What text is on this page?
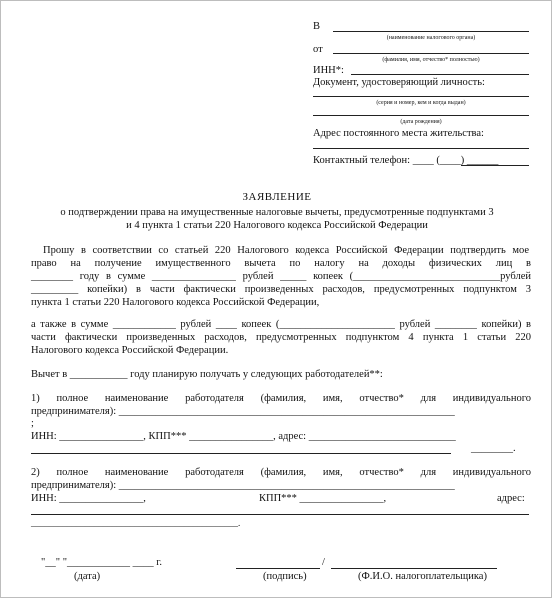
В
(наименование налогового органа)
от
(фамилия, имя, отчество* полностью)
ИНН*:
Документ, удостоверяющий личность:
(серия и номер, кем и когда выдан)
(дата рождения)
Адрес постоянного места жительства:
Контактный телефон: ____ (____) ______
ЗАЯВЛЕНИЕ
о подтверждении права на имущественные налоговые вычеты, предусмотренные подпунктами 3
и 4 пункта 1 статьи 220 Налогового кодекса Российской Федерации
Прошу в соответствии со статьей 220 Налогового кодекса Российской Федерации подтвердить мое
право на получение имущественного вычета по налогу на доходы физических лиц в
________ году в сумме ________________ рублей _____ копеек (____________________________рублей
_________ копейки) в части фактически произведенных расходов, предусмотренных подпунктом 3
пункта 1 статьи 220 Налогового кодекса Российской Федерации,
а также в сумме ____________ рублей ____ копеек (______________________ рублей ________ копейки) в
части фактически произведенных расходов, предусмотренных подпунктом 4 пункта 1 статьи 220
Налогового кодекса Российской Федерации.
Вычет в ___________ году планирую получать у следующих работодателей**:
1) полное наименование работодателя (фамилия, имя, отчество* для индивидуального
предпринимателя): ________________________________________________________________
;
ИНН: ________________, КПП*** ________________, адрес: ____________________________
________.
2) полное наименование работодателя (фамилия, имя, отчество* для индивидуального
предпринимателя): ________________________________________________________________
ИНН: ________________,	КПП*** ________________,	адрес:
______________________________________________.
"__" "____________ ____ г.
(дата)
/
(подпись)	(Ф.И.О. налогоплательщика)
